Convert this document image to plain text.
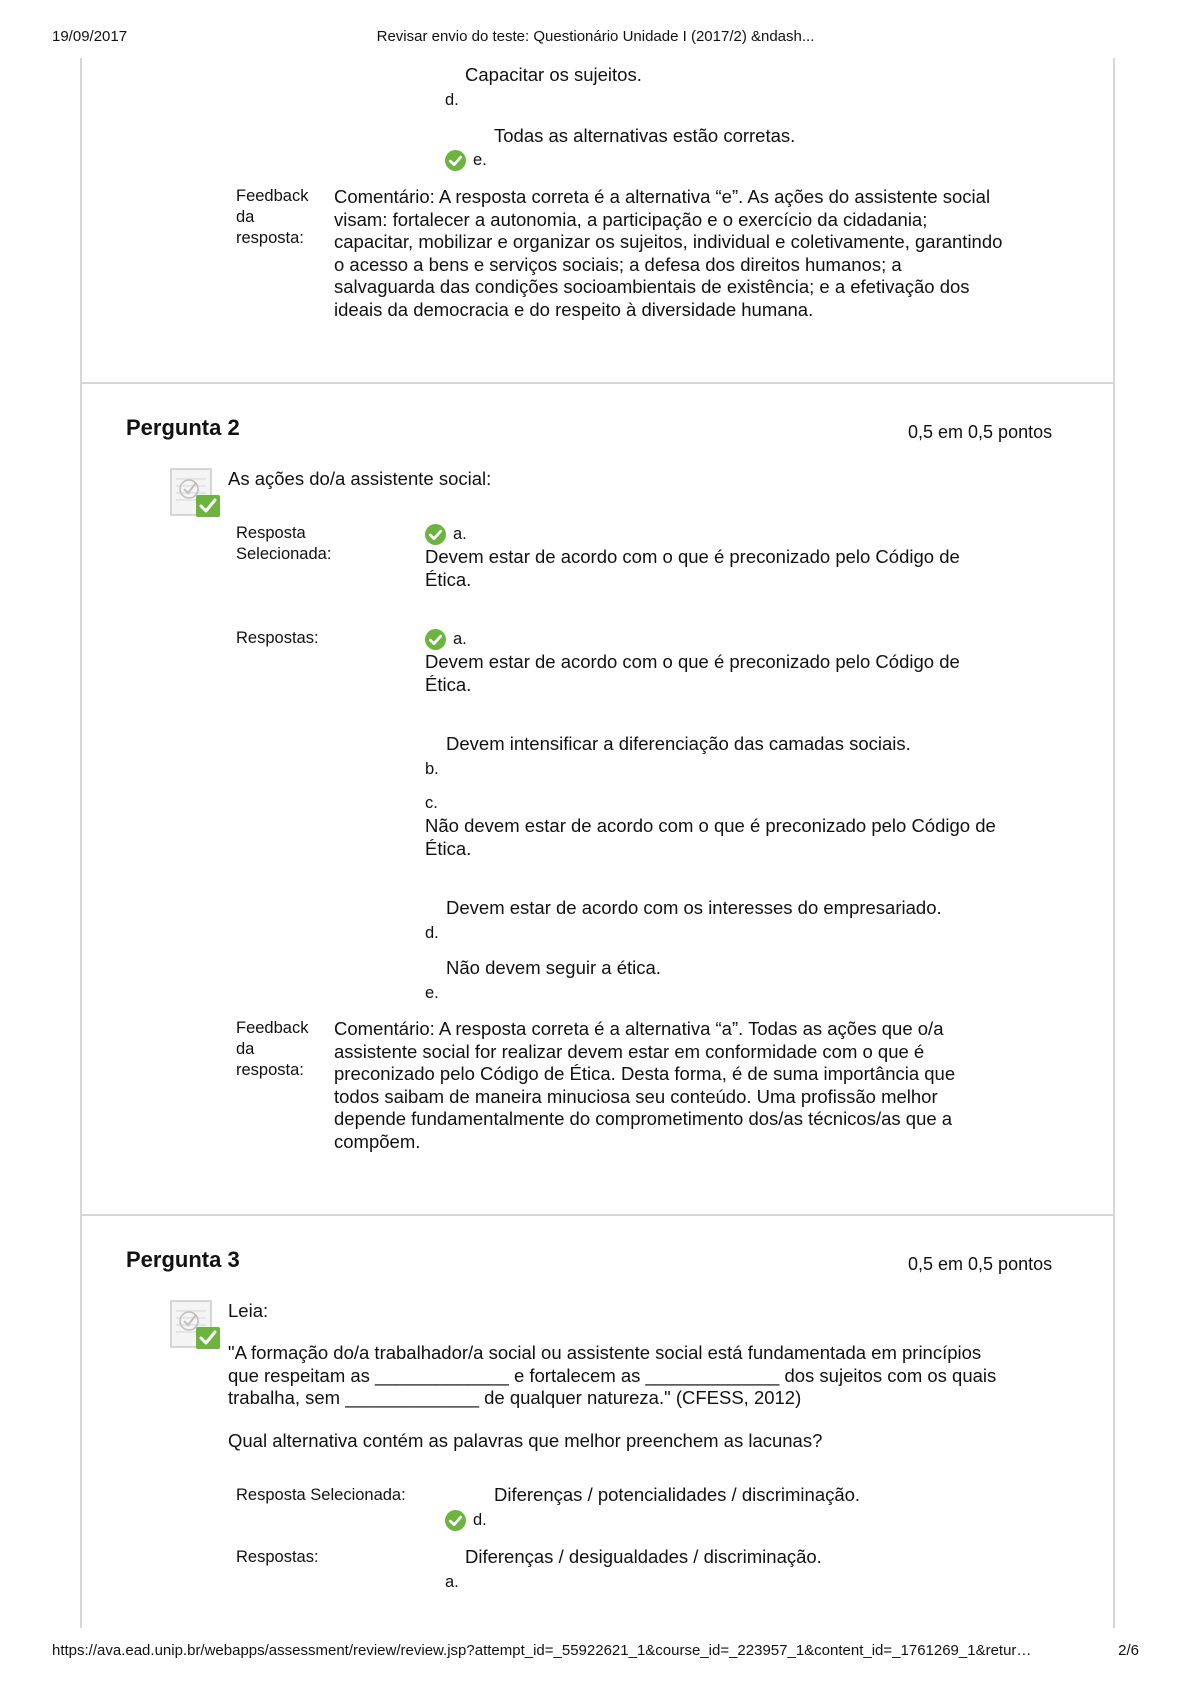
19/09/2017	Revisar envio do teste: Questionário Unidade I (2017/2) &ndash...
https://ava.ead.unip.br/webapps/assessment/review/review.jsp?attempt_id=_55922621_1&course_id=_223957_1&content_id=_1761269_1&retur…	2/6
Capacitar os sujeitos.
d.
Todas as alternativas estão corretas.
e.
Feedback
da
resposta:
Comentário: A resposta correta é a alternativa “e”. As ações do assistente social
visam: fortalecer a autonomia, a participação e o exercício da cidadania;
capacitar, mobilizar e organizar os sujeitos, individual e coletivamente, garantindo
o acesso a bens e serviços sociais; a defesa dos direitos humanos; a
salvaguarda das condições socioambientais de existência; e a efetivação dos
ideais da democracia e do respeito à diversidade humana.
Pergunta 2	0,5 em 0,5 pontos
As ações do/a assistente social:
Resposta
Selecionada:
a.
Devem estar de acordo com o que é preconizado pelo Código de
Ética.
Respostas:	a.
Devem estar de acordo com o que é preconizado pelo Código de
Ética.
Devem intensificar a diferenciação das camadas sociais.
b.
c.
Não devem estar de acordo com o que é preconizado pelo Código de
Ética.
Devem estar de acordo com os interesses do empresariado.
d.
Não devem seguir a ética.
e.
Feedback
da
resposta:
Comentário: A resposta correta é a alternativa “a”. Todas as ações que o/a
assistente social for realizar devem estar em conformidade com o que é
preconizado pelo Código de Ética. Desta forma, é de suma importância que
todos saibam de maneira minuciosa seu conteúdo. Uma profissão melhor
depende fundamentalmente do comprometimento dos/as técnicos/as que a
compõem.
Pergunta 3	0,5 em 0,5 pontos
Leia:
"A formação do/a trabalhador/a social ou assistente social está fundamentada em princípios
que respeitam as _____________ e fortalecem as _____________ dos sujeitos com os quais
trabalha, sem _____________ de qualquer natureza." (CFESS, 2012)
Qual alternativa contém as palavras que melhor preenchem as lacunas?
Resposta Selecionada:	Diferenças / potencialidades / discriminação.
d.
Respostas:	Diferenças / desigualdades / discriminação.
a.
